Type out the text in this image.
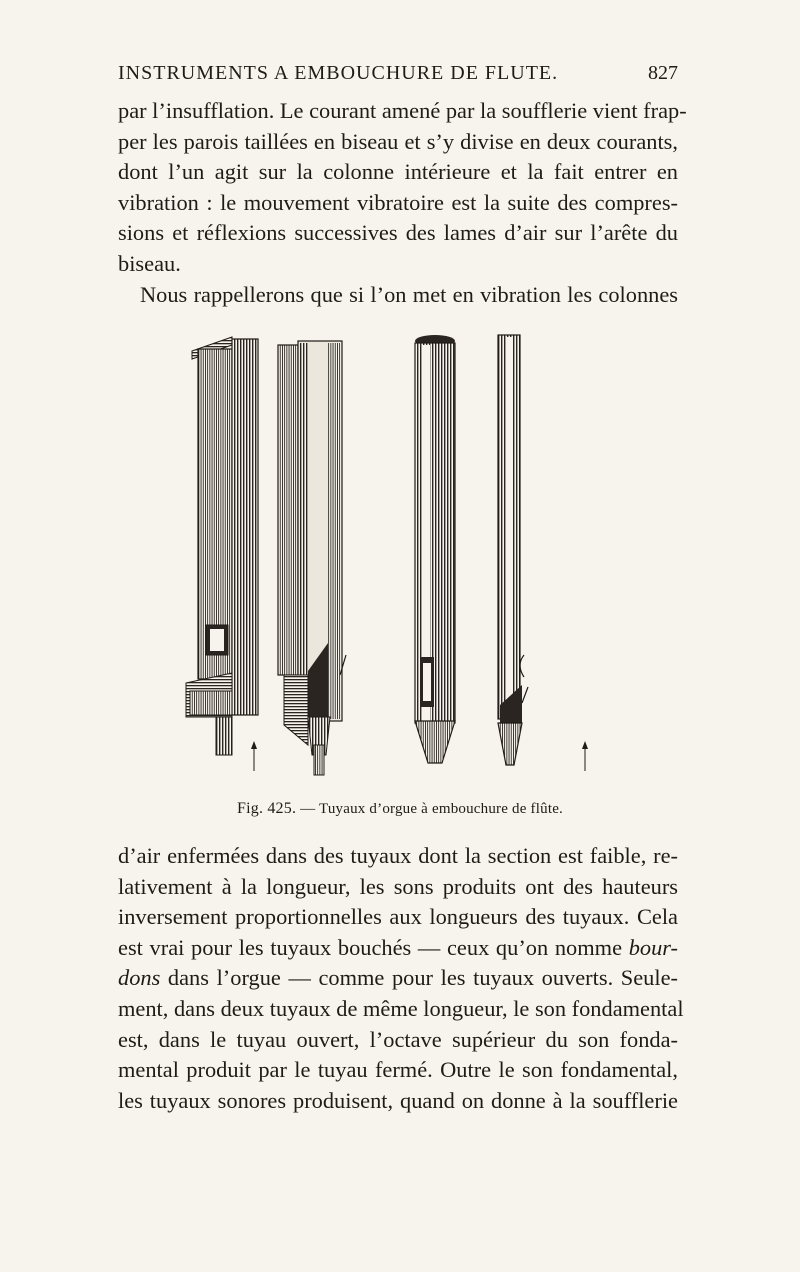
INSTRUMENTS A EMBOUCHURE DE FLUTE.	827
par l’insufflation. Le courant amené par la soufflerie vient frap-
per les parois taillées en biseau et s’y divise en deux courants,
dont l’un agit sur la colonne intérieure et la fait entrer en
vibration : le mouvement vibratoire est la suite des compres-
sions et réflexions successives des lames d’air sur l’arête du
biseau.
Nous rappellerons que si l’on met en vibration les colonnes
Fig. 425. — Tuyaux d’orgue à embouchure de flûte.
d’air enfermées dans des tuyaux dont la section est faible, re-
lativement à la longueur, les sons produits ont des hauteurs
inversement proportionnelles aux longueurs des tuyaux. Cela
est vrai pour les tuyaux bouchés — ceux qu’on nomme bour-
dons dans l’orgue — comme pour les tuyaux ouverts. Seule-
ment, dans deux tuyaux de même longueur, le son fondamental
est, dans le tuyau ouvert, l’octave supérieur du son fonda-
mental produit par le tuyau fermé. Outre le son fondamental,
les tuyaux sonores produisent, quand on donne à la soufflerie
